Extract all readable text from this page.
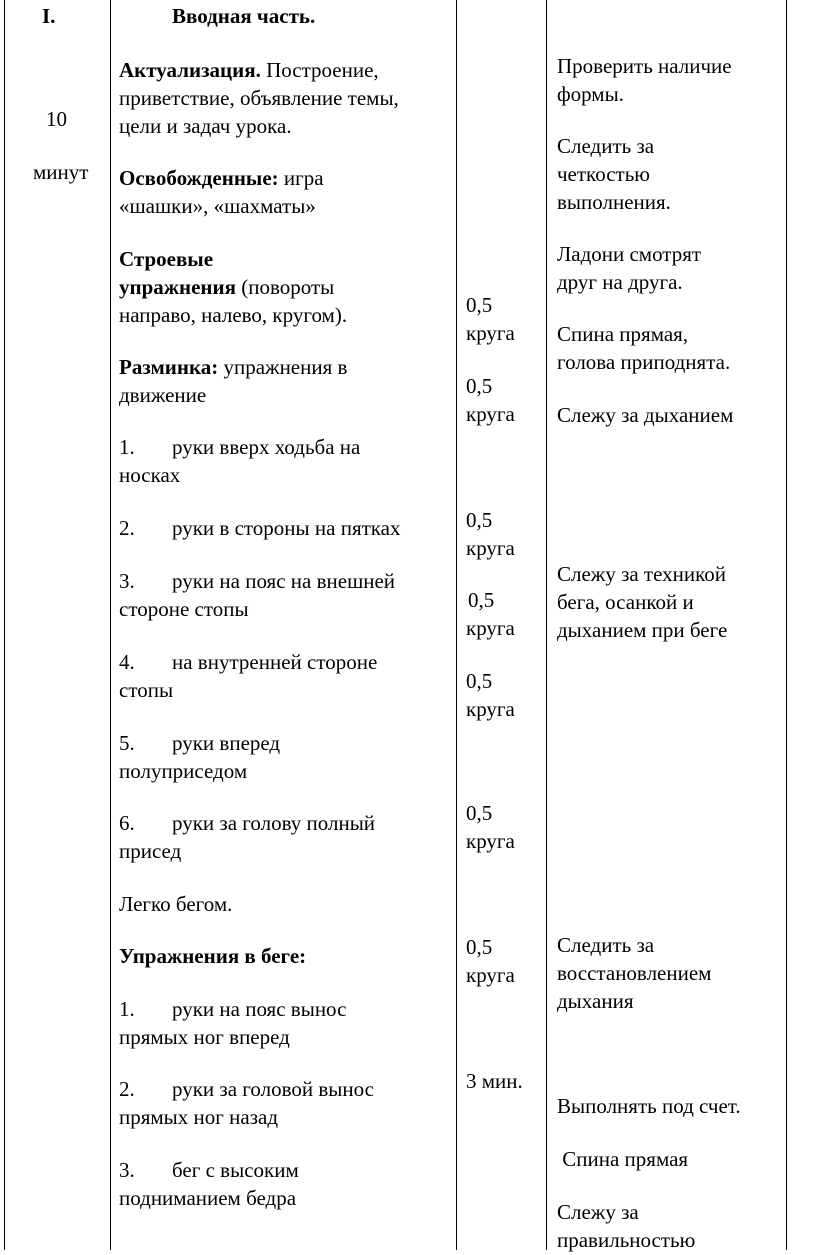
I.
10
минут
Вводная часть.
Актуализация. Построение,
приветствие, объявление темы,
цели и задач урока.
Освобожденные: игра
«шашки», «шахматы»
Строевые
упражнения (повороты
направо, налево, кругом).
Разминка: упражнения в
движение
1. руки вверх ходьба на
носках
2. руки в стороны на пятках
3. руки на пояс на внешней
стороне стопы
4. на внутренней стороне
стопы
5. руки вперед
полуприседом
6. руки за голову полный
присед
Легко бегом.
Упражнения в беге:
1. руки на пояс вынос
прямых ног вперед
2. руки за головой вынос
прямых ног назад
3. бег с высоким
подниманием бедра
0,5
круга
0,5
круга
0,5
круга
0,5
круга
0,5
круга
0,5
круга
0,5
круга
3 мин.
Проверить наличие
формы.
Следить за
четкостью
выполнения.
Ладони смотрят
друг на друга.
Спина прямая,
голова приподнята.
Слежу за дыханием
Слежу за техникой
бега, осанкой и
дыханием при беге
Следить за
восстановлением
дыхания
Выполнять под счет.
Спина прямая
Слежу за
правильностью
